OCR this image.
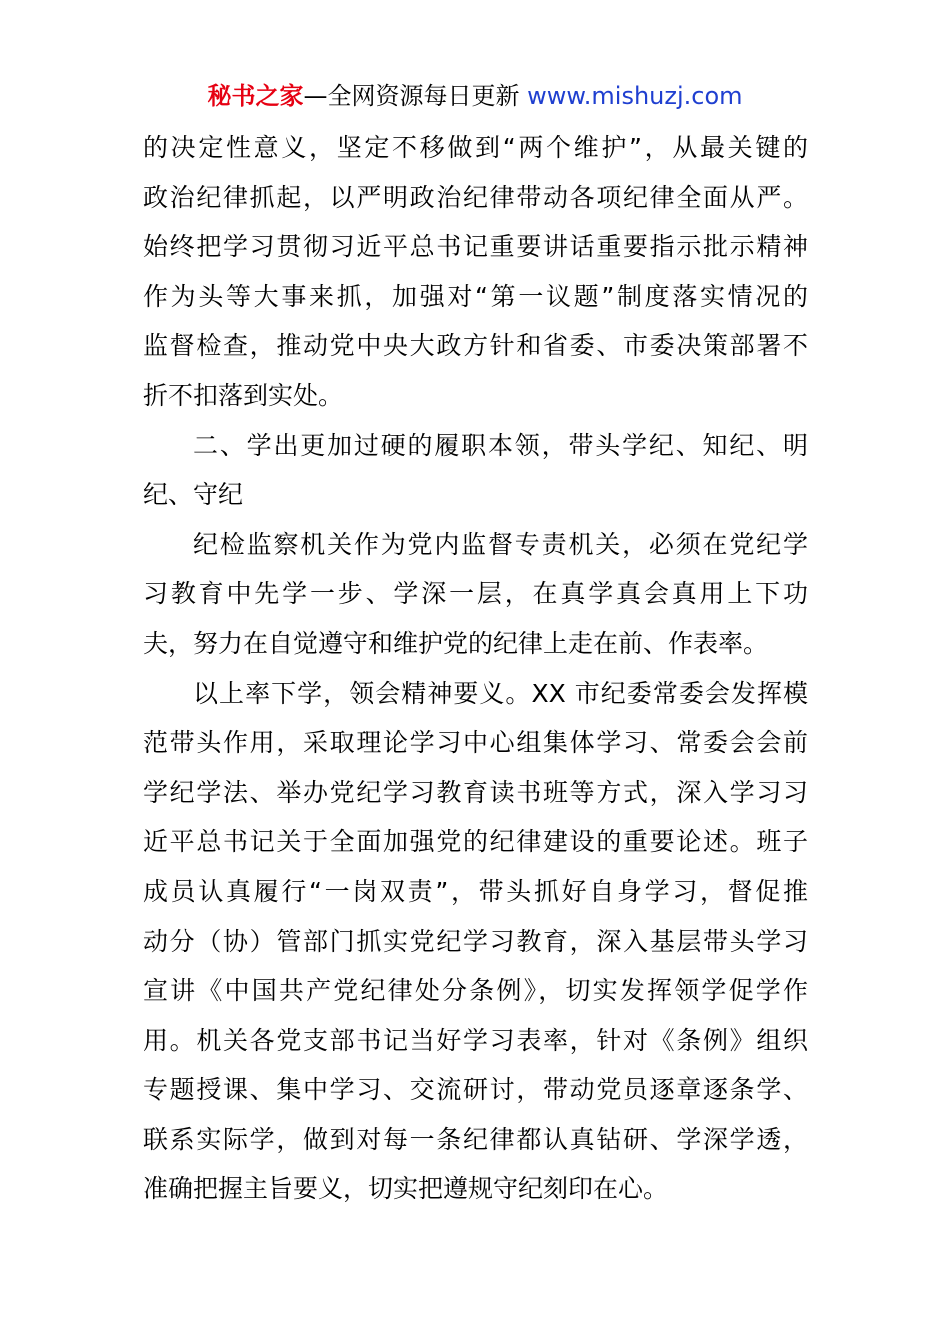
秘书之家—全网资源每日更新 www.mishuzj.com
的决定性意义，坚定不移做到“两个维护”，从最关键的
政治纪律抓起，以严明政治纪律带动各项纪律全面从严。
始终把学习贯彻习近平总书记重要讲话重要指示批示精神
作为头等大事来抓，加强对“第一议题”制度落实情况的
监督检查，推动党中央大政方针和省委、市委决策部署不
折不扣落到实处。
二、学出更加过硬的履职本领，带头学纪、知纪、明
纪、守纪
纪检监察机关作为党内监督专责机关，必须在党纪学
习教育中先学一步、学深一层，在真学真会真用上下功
夫，努力在自觉遵守和维护党的纪律上走在前、作表率。
以上率下学，领会精神要义。XX 市纪委常委会发挥模
范带头作用，采取理论学习中心组集体学习、常委会会前
学纪学法、举办党纪学习教育读书班等方式，深入学习习
近平总书记关于全面加强党的纪律建设的重要论述。班子
成员认真履行“一岗双责”，带头抓好自身学习，督促推
动分（协）管部门抓实党纪学习教育，深入基层带头学习
宣讲《中国共产党纪律处分条例》，切实发挥领学促学作
用。机关各党支部书记当好学习表率，针对《条例》组织
专题授课、集中学习、交流研讨，带动党员逐章逐条学、
联系实际学，做到对每一条纪律都认真钻研、学深学透，
准确把握主旨要义，切实把遵规守纪刻印在心。
